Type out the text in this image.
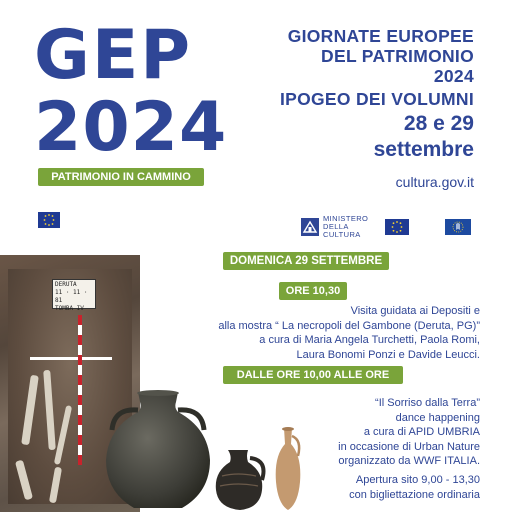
GEP
2024
PATRIMONIO IN CAMMINO
GIORNATE EUROPEE
DEL PATRIMONIO
2024
IPOGEO DEI VOLUMNI
28 e 29
settembre
cultura.gov.it
MINISTERO
DELLA
CULTURA
DERUTA
11 · 11 · 81
TOMBA IV
DOMENICA 29 SETTEMBRE
ORE 10,30
Visita guidata ai Depositi e
alla mostra “ La necropoli del Gambone (Deruta, PG)”
a cura di Maria Angela Turchetti, Paola Romi,
Laura Bonomi Ponzi e Davide Leucci.
DALLE ORE 10,00 ALLE ORE 12,00
“Il Sorriso dalla Terra”
dance happening
a cura di APID UMBRIA
in occasione di Urban Nature
organizzato da WWF ITALIA.
Apertura sito 9,00 - 13,30
con bigliettazione ordinaria
